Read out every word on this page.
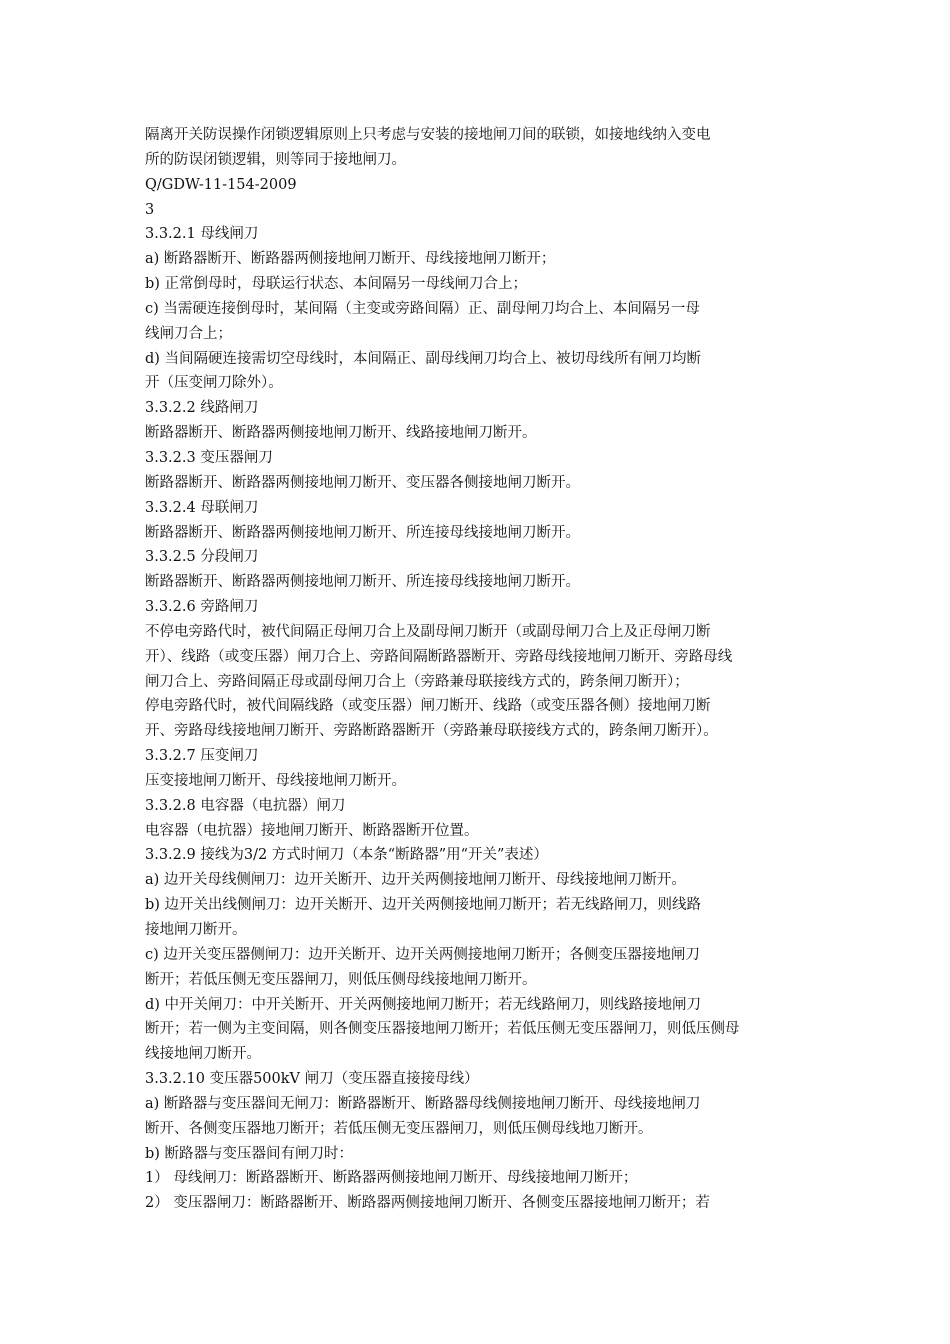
隔离开关防误操作闭锁逻辑原则上只考虑与安装的接地闸刀间的联锁，如接地线纳入变电
所的防误闭锁逻辑，则等同于接地闸刀。
Q/GDW-11-154-2009
3
3.3.2.1 母线闸刀
a) 断路器断开、断路器两侧接地闸刀断开、母线接地闸刀断开；
b) 正常倒母时，母联运行状态、本间隔另一母线闸刀合上；
c) 当需硬连接倒母时，某间隔（主变或旁路间隔）正、副母闸刀均合上、本间隔另一母
线闸刀合上；
d) 当间隔硬连接需切空母线时，本间隔正、副母线闸刀均合上、被切母线所有闸刀均断
开（压变闸刀除外）。
3.3.2.2 线路闸刀
断路器断开、断路器两侧接地闸刀断开、线路接地闸刀断开。
3.3.2.3 变压器闸刀
断路器断开、断路器两侧接地闸刀断开、变压器各侧接地闸刀断开。
3.3.2.4 母联闸刀
断路器断开、断路器两侧接地闸刀断开、所连接母线接地闸刀断开。
3.3.2.5 分段闸刀
断路器断开、断路器两侧接地闸刀断开、所连接母线接地闸刀断开。
3.3.2.6 旁路闸刀
不停电旁路代时，被代间隔正母闸刀合上及副母闸刀断开（或副母闸刀合上及正母闸刀断
开）、线路（或变压器）闸刀合上、旁路间隔断路器断开、旁路母线接地闸刀断开、旁路母线
闸刀合上、旁路间隔正母或副母闸刀合上（旁路兼母联接线方式的，跨条闸刀断开）；
停电旁路代时，被代间隔线路（或变压器）闸刀断开、线路（或变压器各侧）接地闸刀断
开、旁路母线接地闸刀断开、旁路断路器断开（旁路兼母联接线方式的，跨条闸刀断开）。
3.3.2.7 压变闸刀
压变接地闸刀断开、母线接地闸刀断开。
3.3.2.8 电容器（电抗器）闸刀
电容器（电抗器）接地闸刀断开、断路器断开位置。
3.3.2.9 接线为3/2 方式时闸刀（本条“断路器”用“开关”表述）
a) 边开关母线侧闸刀：边开关断开、边开关两侧接地闸刀断开、母线接地闸刀断开。
b) 边开关出线侧闸刀：边开关断开、边开关两侧接地闸刀断开；若无线路闸刀，则线路
接地闸刀断开。
c) 边开关变压器侧闸刀：边开关断开、边开关两侧接地闸刀断开；各侧变压器接地闸刀
断开；若低压侧无变压器闸刀，则低压侧母线接地闸刀断开。
d) 中开关闸刀：中开关断开、开关两侧接地闸刀断开；若无线路闸刀，则线路接地闸刀
断开；若一侧为主变间隔，则各侧变压器接地闸刀断开；若低压侧无变压器闸刀，则低压侧母
线接地闸刀断开。
3.3.2.10 变压器500kV 闸刀（变压器直接接母线）
a) 断路器与变压器间无闸刀：断路器断开、断路器母线侧接地闸刀断开、母线接地闸刀
断开、各侧变压器地刀断开；若低压侧无变压器闸刀，则低压侧母线地刀断开。
b) 断路器与变压器间有闸刀时：
1） 母线闸刀：断路器断开、断路器两侧接地闸刀断开、母线接地闸刀断开；
2） 变压器闸刀：断路器断开、断路器两侧接地闸刀断开、各侧变压器接地闸刀断开；若
